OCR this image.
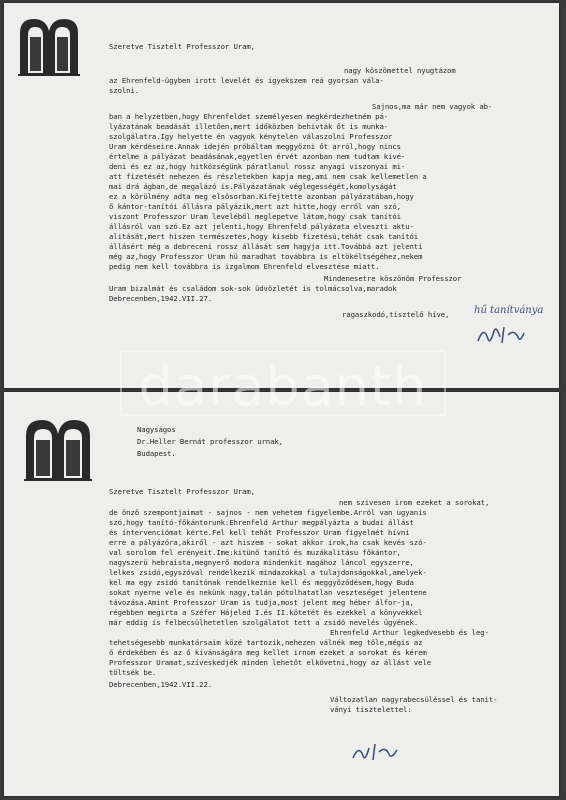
Szeretve Tisztelt Professzor Uram,
nagy köszömettel nyugtázom
az Ehrenfeld-ügyben irott levelét és igyekszem reá gyorsan vála-
szolni.
Sajnos,ma már nem vagyok ab-
ban a helyzetben,hogy Ehrenfeldet személyesen megkérdezhetném pá-
lyázatának beadását illetően,mert időközben behivták őt is munka-
szolgálatra.Igy helyette én vagyok kénytelen válaszolni Professzor
Uram kérdéseire.Annak idején próbáltam meggyőzni őt arról,hogy nincs
értelme a pályázat beadásának,egyetlen érvét azonban nem tudtam kivé-
deni és ez az,hogy hitközségünk páratlanul rossz anyagi viszonyai mi-
att fizetését nehezen és részletekben kapja meg,ami nem csak kellemetlen a
mai drá ágban,de megalázó is.Pályázatának véglegességét,komolyságát
ez a körülmény adta meg elsősorban.Kifejtette azonban pályázatában,hogy
ő kántor-tanítói állásra pályázik,mert azt hitte,hogy erről van szó,
viszont Professzor Uram leveléből meglepetve látom,hogy csak tanítói
állásról van szó.Ez azt jelenti,hogy Ehrenfeld pályázata elveszti aktu-
alitását,mert hiszen természetes,hogy kisebb fizetésü,tehát csak tanítói
állásért még a debreceni rossz állását sem hagyja itt.Továbbá azt jelenti
még az,hogy Professzor Uram hü maradhat továbbra is eltökéltségéhez,nekem
pedig nem kell továbbra is izgalmom Ehrenfeld elvesztése miatt.
Mindenesetre köszönöm Professzor
Uram bizalmát és családom sok-sok üdvözletét is tolmácsolva,maradok
Debrecenben,1942.VII.27.
ragaszkodó,tisztelő híve, hű tanítványa
Nagyságos
Dr.Heller Bernát professzor urnak,
Budapest.
Szeretve Tisztelt Professzor Uram,
nem szivesen irom ezeket a sorokat,
de önző szempontjaimat - sajnos - nem vehetem figyelembe.Arról van ugyanis
szó,hogy tanító-főkántorunk:Ehrenfeld Arthur megpályázta a budai állást
és intervenciómat kérte.Fel kell tehát Professzor Uram figyelmét hívni
erre a pályázóra,akiről - azt hiszem - sokat akkor irok,ha csak kevés szó-
val sorolom fel erényeit.Ime:kitünő tanító és muzákalitásu főkántor,
nagyszerü hebraista,megnyerő modora mindenkit magához láncol egyszerre,
lelkes zsidó,egyszóval rendelkezik mindazokkal a tulajdonságokkal,amelyek-
kel ma egy zsidó tanítónak rendelkeznie kell és meggyőződésem,hogy Buda
sokat nyerne vele és nekünk nagy,talán pótolhatatlan veszteséget jelentene
távozása.Amint Professzor Uram is tudja,most jelent meg héber álfor-ja,
régebben megirta a Széfer Hájeled I.és II.kötetét és ezekkel a könyvekkel
már eddig is felbecsülhetetlen szolgálatot tett a zsidó nevelés ügyének.
Ehrenfeld Arthur legkedvesebb és leg-
tehetségesebb munkatársaim közé tartozik,nehezen válnék meg tőle,mégis az
ő érdekében és az ő kívánságára meg kellet irnom ezeket a sorokat és kérem
Professzor Uramat,szíveskedjék minden lehetőt elkövetni,hogy az állást vele
töltsék be.
Debrecenben,1942.VII.22.
Változatlan nagyrabecsüléssel és tanit-
ványi tisztelettel:
darabanth
